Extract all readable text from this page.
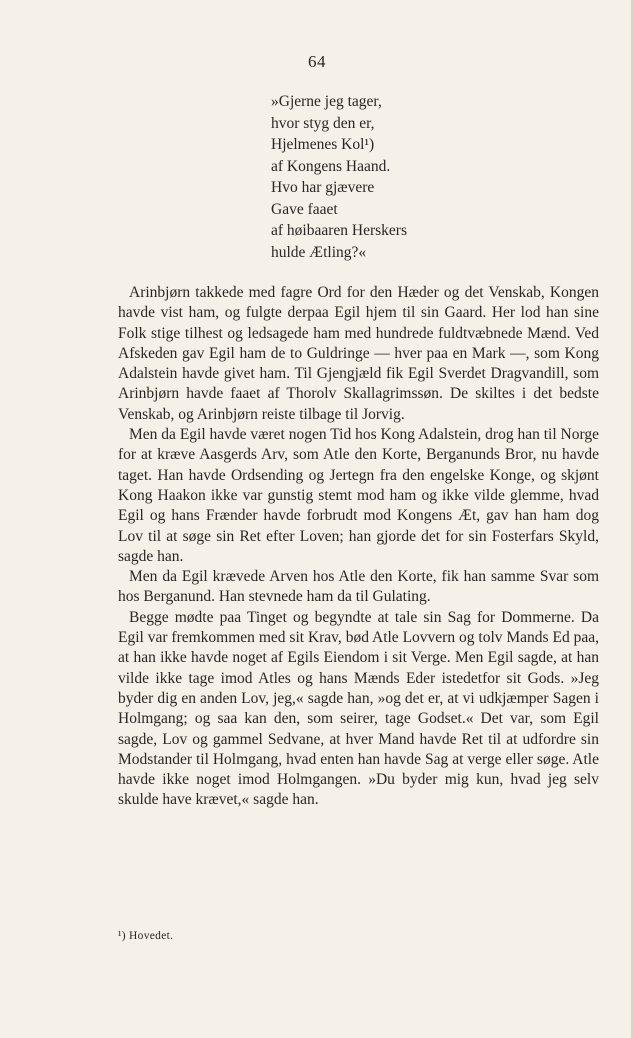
64
»Gjerne jeg tager,
hvor styg den er,
Hjelmenes Kol¹)
af Kongens Haand.
Hvo har gjævere
Gave faaet
af høibaaren Herskers
hulde Ætling?«

Arinbjørn takkede med fagre Ord for den Hæder og det Venskab, Kongen havde vist ham, og fulgte derpaa Egil hjem til sin Gaard. Her lod han sine Folk stige tilhest og ledsagede ham med hundrede fuldtvæbnede Mænd. Ved Afskeden gav Egil ham de to Guldringe — hver paa en Mark —, som Kong Adalstein havde givet ham. Til Gjengjæld fik Egil Sverdet Dragvandill, som Arinbjørn havde faaet af Thorolv Skallagrimssøn. De skiltes i det bedste Venskab, og Arinbjørn reiste tilbage til Jorvig.

Men da Egil havde været nogen Tid hos Kong Adalstein, drog han til Norge for at kræve Aasgerds Arv, som Atle den Korte, Berganunds Bror, nu havde taget. Han havde Ordsending og Jertegn fra den engelske Konge, og skjønt Kong Haakon ikke var gunstig stemt mod ham og ikke vilde glemme, hvad Egil og hans Frænder havde forbrudt mod Kongens Æt, gav han ham dog Lov til at søge sin Ret efter Loven; han gjorde det for sin Fosterfars Skyld, sagde han.

Men da Egil krævede Arven hos Atle den Korte, fik han samme Svar som hos Berganund. Han stevnede ham da til Gulating.

Begge mødte paa Tinget og begyndte at tale sin Sag for Dommerne. Da Egil var fremkommen med sit Krav, bød Atle Lovvern og tolv Mands Ed paa, at han ikke havde noget af Egils Eiendom i sit Verge. Men Egil sagde, at han vilde ikke tage imod Atles og hans Mænds Eder istedetfor sit Gods. »Jeg byder dig en anden Lov, jeg,« sagde han, »og det er, at vi udkjæmper Sagen i Holmgang; og saa kan den, som seirer, tage Godset.« Det var, som Egil sagde, Lov og gammel Sedvane, at hver Mand havde Ret til at udfordre sin Modstander til Holmgang, hvad enten han havde Sag at verge eller søge. Atle havde ikke noget imod Holmgangen. »Du byder mig kun, hvad jeg selv skulde have krævet,« sagde han.

¹) Hovedet.
